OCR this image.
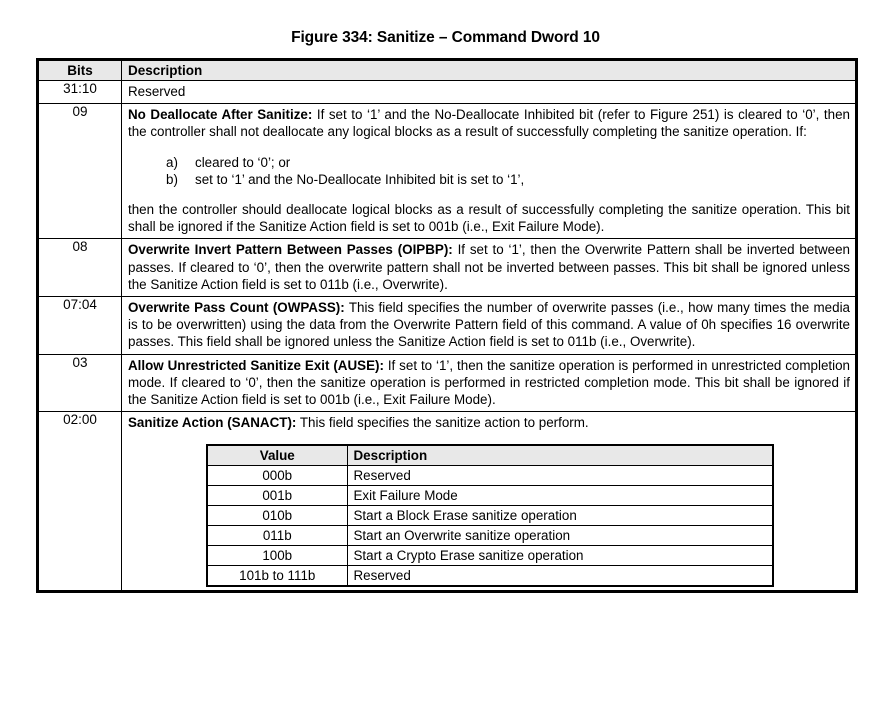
Figure 334: Sanitize – Command Dword 10
Bits	Description
31:10	Reserved

09	No Deallocate After Sanitize: If set to ‘1’ and the No-Deallocate Inhibited bit (refer to Figure 251) is cleared to ‘0’, then the controller shall not deallocate any logical blocks as a result of successfully completing the sanitize operation. If:

a) cleared to ‘0’; or
b) set to ‘1’ and the No-Deallocate Inhibited bit is set to ‘1’,

then the controller should deallocate logical blocks as a result of successfully completing the sanitize operation. This bit shall be ignored if the Sanitize Action field is set to 001b (i.e., Exit Failure Mode).

08	Overwrite Invert Pattern Between Passes (OIPBP): If set to ‘1’, then the Overwrite Pattern shall be inverted between passes. If cleared to ‘0’, then the overwrite pattern shall not be inverted between passes. This bit shall be ignored unless the Sanitize Action field is set to 011b (i.e., Overwrite).

07:04	Overwrite Pass Count (OWPASS): This field specifies the number of overwrite passes (i.e., how many times the media is to be overwritten) using the data from the Overwrite Pattern field of this command. A value of 0h specifies 16 overwrite passes. This field shall be ignored unless the Sanitize Action field is set to 011b (i.e., Overwrite).

03	Allow Unrestricted Sanitize Exit (AUSE): If set to ‘1’, then the sanitize operation is performed in unrestricted completion mode. If cleared to ‘0’, then the sanitize operation is performed in restricted completion mode. This bit shall be ignored if the Sanitize Action field is set to 001b (i.e., Exit Failure Mode).

02:00	Sanitize Action (SANACT): This field specifies the sanitize action to perform.

Value	Description
000b	Reserved
001b	Exit Failure Mode
010b	Start a Block Erase sanitize operation
011b	Start an Overwrite sanitize operation
100b	Start a Crypto Erase sanitize operation
101b to 111b	Reserved
